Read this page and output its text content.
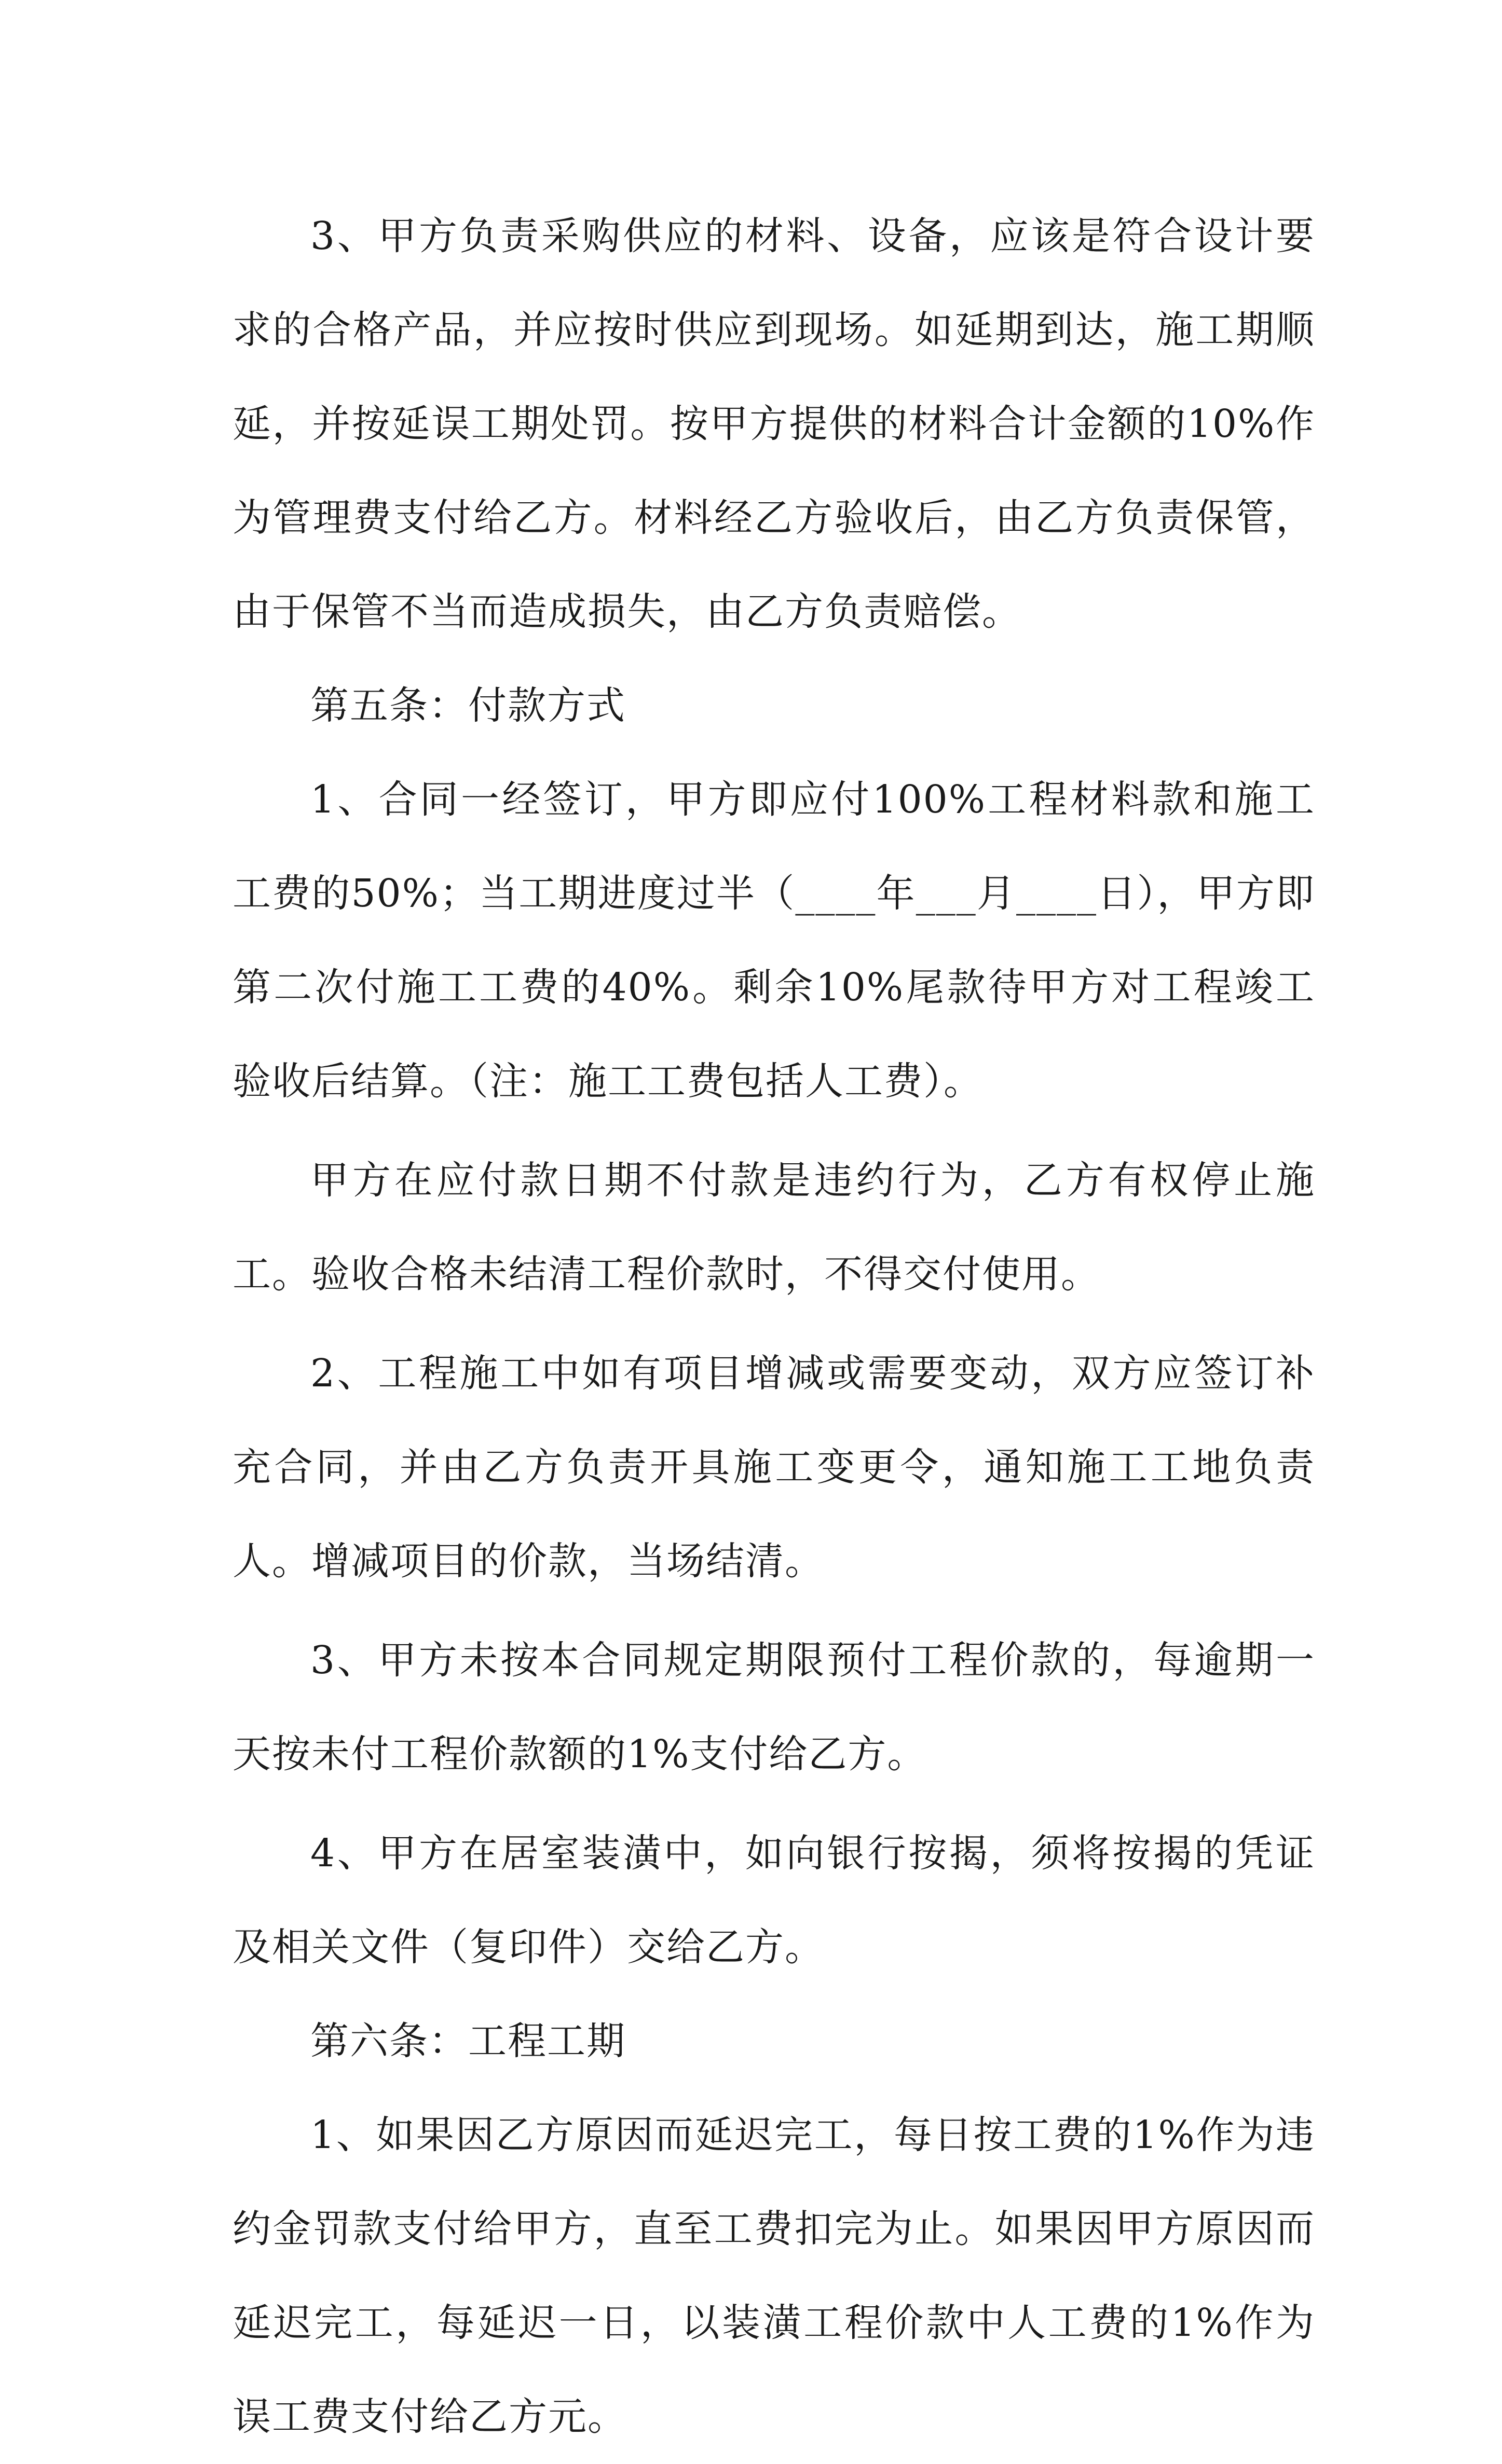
3、甲方负责采购供应的材料、设备，应该是符合设计要求的合格产品，并应按时供应到现场。如延期到达，施工期顺延，并按延误工期处罚。按甲方提供的材料合计金额的10%作为管理费支付给乙方。材料经乙方验收后，由乙方负责保管，由于保管不当而造成损失，由乙方负责赔偿。

第五条：付款方式

1、合同一经签订，甲方即应付100%工程材料款和施工工费的50%；当工期进度过半（____年___月____日），甲方即第二次付施工工费的40%。剩余10%尾款待甲方对工程竣工验收后结算。（注：施工工费包括人工费）。

甲方在应付款日期不付款是违约行为，乙方有权停止施工。验收合格未结清工程价款时，不得交付使用。

2、工程施工中如有项目增减或需要变动，双方应签订补充合同，并由乙方负责开具施工变更令，通知施工工地负责人。增减项目的价款，当场结清。

3、甲方未按本合同规定期限预付工程价款的，每逾期一天按未付工程价款额的1%支付给乙方。

4、甲方在居室装潢中，如向银行按揭，须将按揭的凭证及相关文件（复印件）交给乙方。

第六条：工程工期

1、如果因乙方原因而延迟完工，每日按工费的1%作为违约金罚款支付给甲方，直至工费扣完为止。如果因甲方原因而延迟完工，每延迟一日，以装潢工程价款中人工费的1%作为误工费支付给乙方元。
